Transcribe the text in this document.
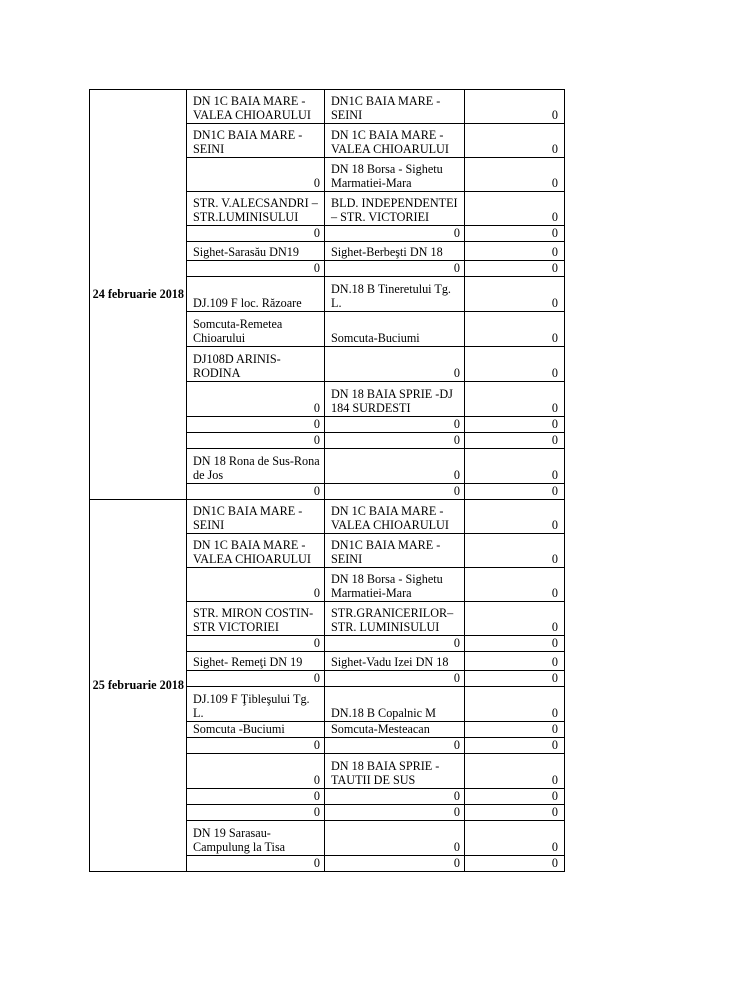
24 februarie 2018	DN 1C BAIA MARE - VALEA CHIOARULUI	DN1C BAIA MARE - SEINI	0
	DN1C BAIA MARE - SEINI	DN 1C BAIA MARE - VALEA CHIOARULUI	0
	0	DN 18 Borsa - Sighetu Marmatiei-Mara	0
	STR. V.ALECSANDRI – STR.LUMINISULUI	BLD. INDEPENDENTEI – STR. VICTORIEI	0
	0	0	0
	Sighet-Sarasău DN19	Sighet-Berbeşti DN 18	0
	0	0	0
	DJ.109 F loc. Răzoare	DN.18 B Tineretului Tg. L.	0
	Somcuta-Remetea Chioarului	Somcuta-Buciumi	0
	DJ108D ARINIS-RODINA	0	0
	0	DN 18 BAIA SPRIE -DJ 184 SURDESTI	0
	0	0	0
	0	0	0
	DN 18 Rona de Sus-Rona de Jos	0	0
	0	0	0
25 februarie 2018	DN1C BAIA MARE - SEINI	DN 1C BAIA MARE - VALEA CHIOARULUI	0
	DN 1C BAIA MARE - VALEA CHIOARULUI	DN1C BAIA MARE - SEINI	0
	0	DN 18 Borsa - Sighetu Marmatiei-Mara	0
	STR. MIRON COSTIN-STR VICTORIEI	STR.GRANICERILOR– STR. LUMINISULUI	0
	0	0	0
	Sighet- Remeţi DN 19	Sighet-Vadu Izei DN 18	0
	0	0	0
	DJ.109 F Ţibleşului Tg. L.	DN.18 B Copalnic M	0
	Somcuta -Buciumi	Somcuta-Mesteacan	0
	0	0	0
	0	DN 18 BAIA SPRIE - TAUTII DE SUS	0
	0	0	0
	0	0	0
	DN 19 Sarasau-Campulung la Tisa	0	0
	0	0	0
